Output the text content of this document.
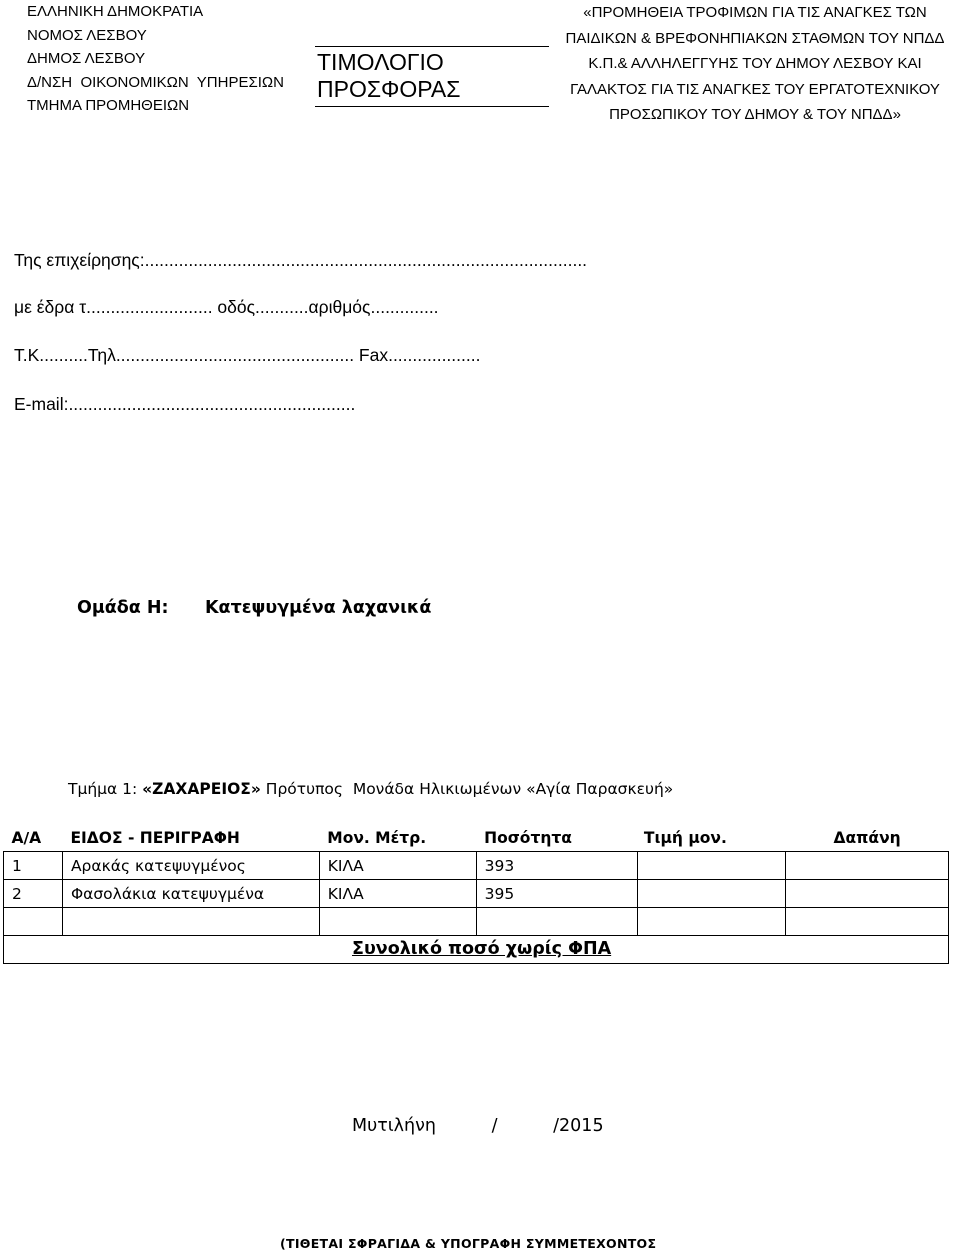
ΕΛΛΗΝΙΚΗ ΔΗΜΟΚΡΑΤΙΑ
ΝΟΜΟΣ ΛΕΣΒΟΥ
ΔΗΜΟΣ ΛΕΣΒΟΥ
Δ/ΝΣΗ  ΟΙΚΟΝΟΜΙΚΩΝ  ΥΠΗΡΕΣΙΩΝ
ΤΜΗΜΑ ΠΡΟΜΗΘΕΙΩΝ
ΤΙΜΟΛΟΓΙΟ
ΠΡΟΣΦΟΡΑΣ
«ΠΡΟΜΗΘΕΙΑ ΤΡΟΦΙΜΩΝ ΓΙΑ ΤΙΣ ΑΝΑΓΚΕΣ ΤΩΝ
ΠΑΙΔΙΚΩΝ & ΒΡΕΦΟΝΗΠΙΑΚΩΝ ΣΤΑΘΜΩΝ ΤΟΥ ΝΠΔΔ
Κ.Π.& ΑΛΛΗΛΕΓΓΥΗΣ ΤΟΥ ΔΗΜΟΥ ΛΕΣΒΟΥ ΚΑΙ
ΓΑΛΑΚΤΟΣ ΓΙΑ ΤΙΣ ΑΝΑΓΚΕΣ ΤΟΥ ΕΡΓΑΤΟΤΕΧΝΙΚΟΥ
ΠΡΟΣΩΠΙΚΟΥ ΤΟΥ ΔΗΜΟΥ & ΤΟΥ ΝΠΔΔ»
Της επιχείρησης:...........................................................................................
με έδρα τ.......................... οδός...........αριθμός..............
Τ.Κ..........Τηλ................................................. Fax...................
E-mail:...........................................................
Ομάδα Η: Κατεψυγμένα λαχανικά
Τμήμα 1: «ΖΑΧΑΡΕΙΟΣ» Πρότυπος  Μονάδα Ηλικιωμένων «Αγία Παρασκευή»
Α/Α	ΕΙΔΟΣ - ΠΕΡΙΓΡΑΦΗ	Μον. Μέτρ.	Ποσότητα	Τιμή μον.	Δαπάνη
1	Αρακάς κατεψυγμένος	ΚΙΛΑ	393		
2	Φασολάκια κατεψυγμένα	ΚΙΛΑ	395		

Συνολικό ποσό χωρίς ΦΠΑ
Μυτιλήνη          /          /2015
(ΤΙΘΕΤΑΙ ΣΦΡΑΓΙΔΑ & ΥΠΟΓΡΑΦΗ ΣΥΜΜΕΤΕΧΟΝΤΟΣ
